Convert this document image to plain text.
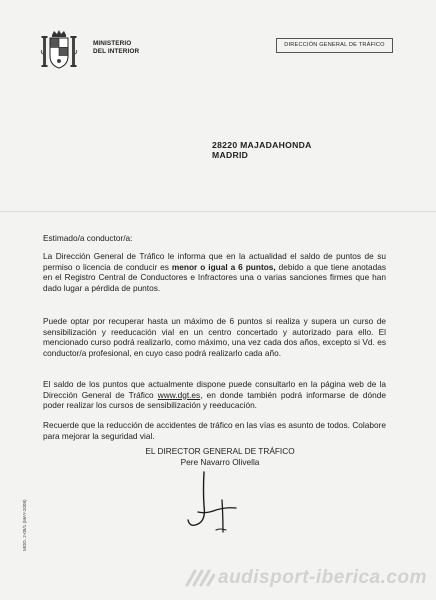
MINISTERIO
DEL INTERIOR
DIRECCIÓN GENERAL DE TRÁFICO
28220 MAJADAHONDA
MADRID

Estimado/a conductor/a:

La Dirección General de Tráfico le informa que en la actualidad el saldo de puntos de su permiso o licencia de conducir es menor o igual a 6 puntos, debido a que tiene anotadas en el Registro Central de Conductores e Infractores una o varias sanciones firmes que han dado lugar a pérdida de puntos.

Puede optar por recuperar hasta un máximo de 6 puntos si realiza y supera un curso de sensibilización y reeducación vial en un centro concertado y autorizado para ello. El mencionado curso podrá realizarlo, como máximo, una vez cada dos años, excepto si Vd. es conductor/a profesional, en cuyo caso podrá realizarlo cada año.

El saldo de los puntos que actualmente dispone puede consultarlo en la página web de la Dirección General de Tráfico www.dgt.es, en donde también podrá informarse de dónde poder realizar los cursos de sensibilización y reeducación.

Recuerde que la reducción de accidentes de tráfico en las vías es asunto de todos. Colabore para mejorar la seguridad vial.

EL DIRECTOR GENERAL DE TRÁFICO
Pere Navarro Olivella
MOD. 2-08/1 (MAY-2008)
audisport-iberica.com
